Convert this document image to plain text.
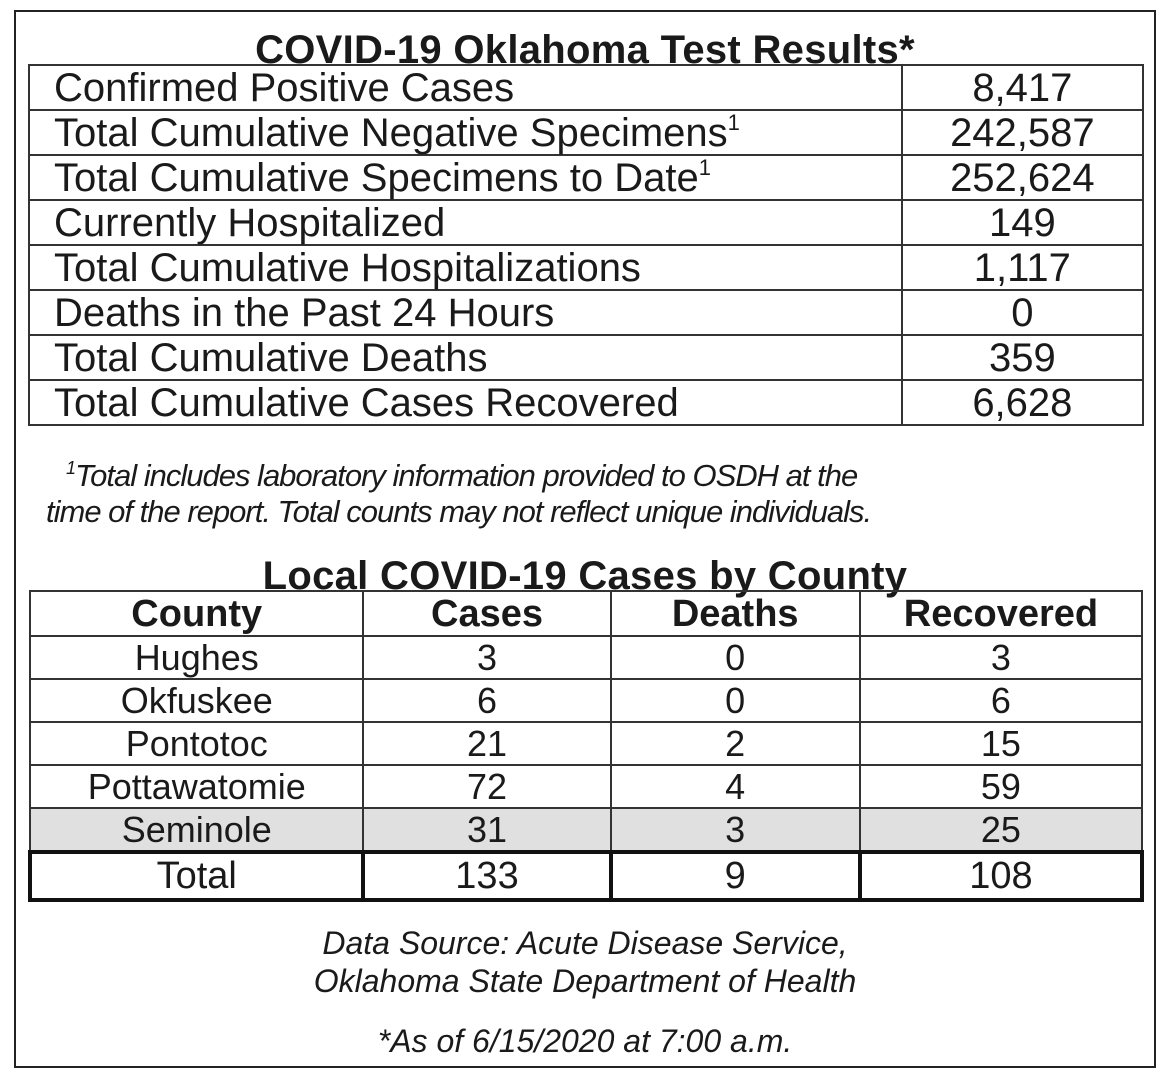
COVID-19 Oklahoma Test Results*
Confirmed Positive Cases	8,417
Total Cumulative Negative Specimens$^1$	242,587
Total Cumulative Specimens to Date$^1$	252,624
Currently Hospitalized	149
Total Cumulative Hospitalizations	1,117
Deaths in the Past 24 Hours	0
Total Cumulative Deaths	359
Total Cumulative Cases Recovered	6,628
$^1$Total includes laboratory information provided to OSDH at the
time of the report. Total counts may not reflect unique individuals.
Local COVID-19 Cases by County
County	Cases	Deaths	Recovered
Hughes	3	0	3
Okfuskee	6	0	6
Pontotoc	21	2	15
Pottawatomie	72	4	59
Seminole	31	3	25
Total	133	9	108
Data Source: Acute Disease Service,
Oklahoma State Department of Health
*As of 6/15/2020 at 7:00 a.m.
